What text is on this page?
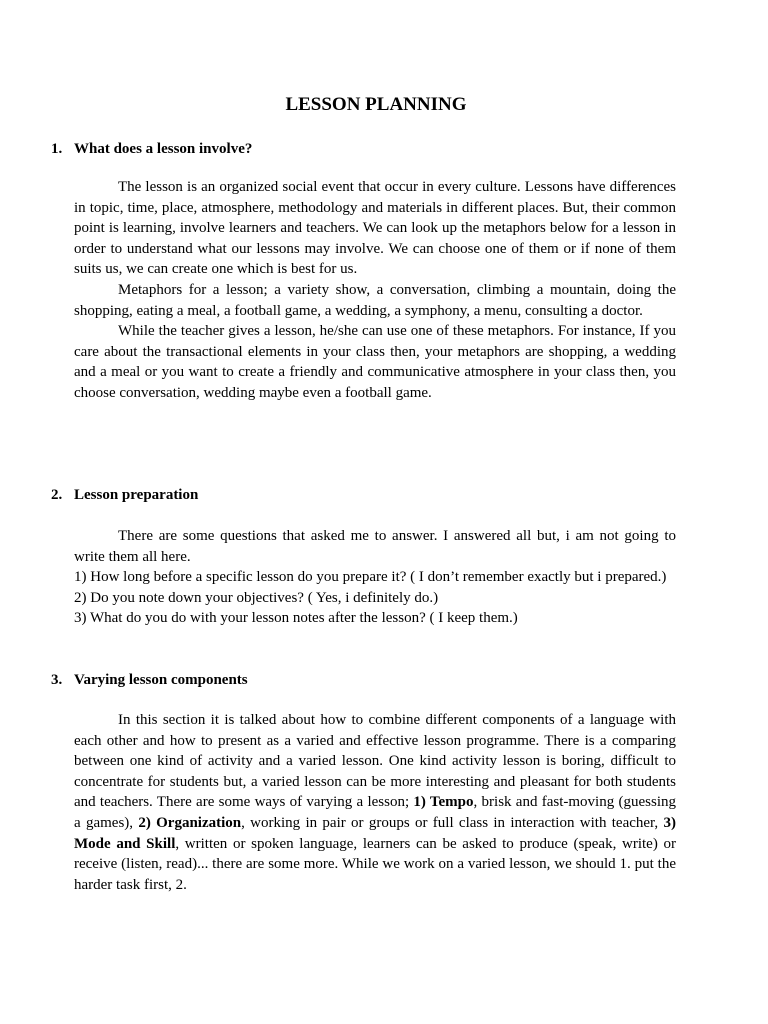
LESSON PLANNING
1. What does a lesson involve?

The lesson is an organized social event that occur in every culture. Lessons have differences in topic, time, place, atmosphere, methodology and materials in different places. But, their common point is learning, involve learners and teachers. We can look up the metaphors below for a lesson in order to understand what our lessons may involve. We can choose one of them or if none of them suits us, we can create one which is best for us.

Metaphors for a lesson; a variety show, a conversation, climbing a mountain, doing the shopping, eating a meal, a football game, a wedding, a symphony, a menu, consulting a doctor.

While the teacher gives a lesson, he/she can use one of these metaphors. For instance, If you care about the transactional elements in your class then, your metaphors are shopping, a wedding and a meal or you want to create a friendly and communicative atmosphere in your class then, you choose conversation, wedding maybe even a football game.

2. Lesson preparation

There are some questions that asked me to answer. I answered all but, i am not going to write them all here.

1) How long before a specific lesson do you prepare it? ( I don’t remember exactly but i prepared.)

2) Do you note down your objectives? ( Yes, i definitely do.)

3) What do you do with your lesson notes after the lesson? ( I keep them.)

3. Varying lesson components

In this section it is talked about how to combine different components of a language with each other and how to present as a varied and effective lesson programme. There is a comparing between one kind of activity and a varied lesson. One kind activity lesson is boring, difficult to concentrate for students but, a varied lesson can be more interesting and pleasant for both students and teachers. There are some ways of varying a lesson; 1) Tempo, brisk and fast-moving (guessing a games), 2) Organization, working in pair or groups or full class in interaction with teacher, 3) Mode and Skill, written or spoken language, learners can be asked to produce (speak, write) or receive (listen, read)... there are some more. While we work on a varied lesson, we should 1. put the harder task first, 2.
